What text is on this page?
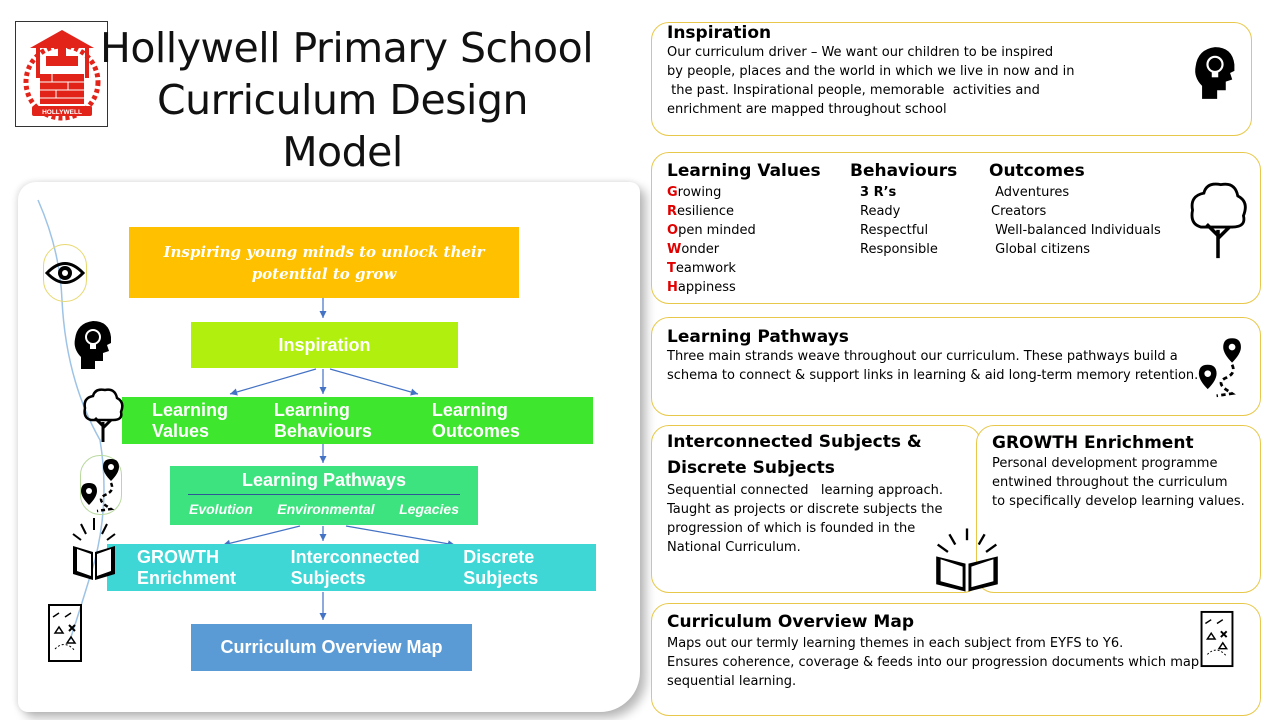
HOLLYWELL
Hollywell Primary School
Curriculum Design
Model
Inspiring young minds to unlock their potential to grow
Inspiration
Learning Values
Learning Behaviours
Learning Outcomes
Learning Pathways
Evolution Environmental Legacies
GROWTH Enrichment
Interconnected Subjects
Discrete Subjects
Curriculum Overview Map
Inspiration
Our curriculum driver – We want our children to be inspired
by people, places and the world in which we live in now and in
the past. Inspirational people, memorable  activities and
enrichment are mapped throughout school
Learning Values
Growing
Resilience
Open minded
Wonder
Teamwork
Happiness
Behaviours
3 R’s
Ready
Respectful
Responsible
Outcomes
Adventures
Creators
Well-balanced Individuals
Global citizens
Learning Pathways
Three main strands weave throughout our curriculum. These pathways build a
schema to connect & support links in learning & aid long-term memory retention.
Interconnected Subjects &
Discrete Subjects
Sequential connected   learning approach.
Taught as projects or discrete subjects the
progression of which is founded in the
National Curriculum.
GROWTH Enrichment
Personal development programme
entwined throughout the curriculum
to specifically develop learning values.
Curriculum Overview Map
Maps out our termly learning themes in each subject from EYFS to Y6.
Ensures coherence, coverage & feeds into our progression documents which map
sequential learning.
